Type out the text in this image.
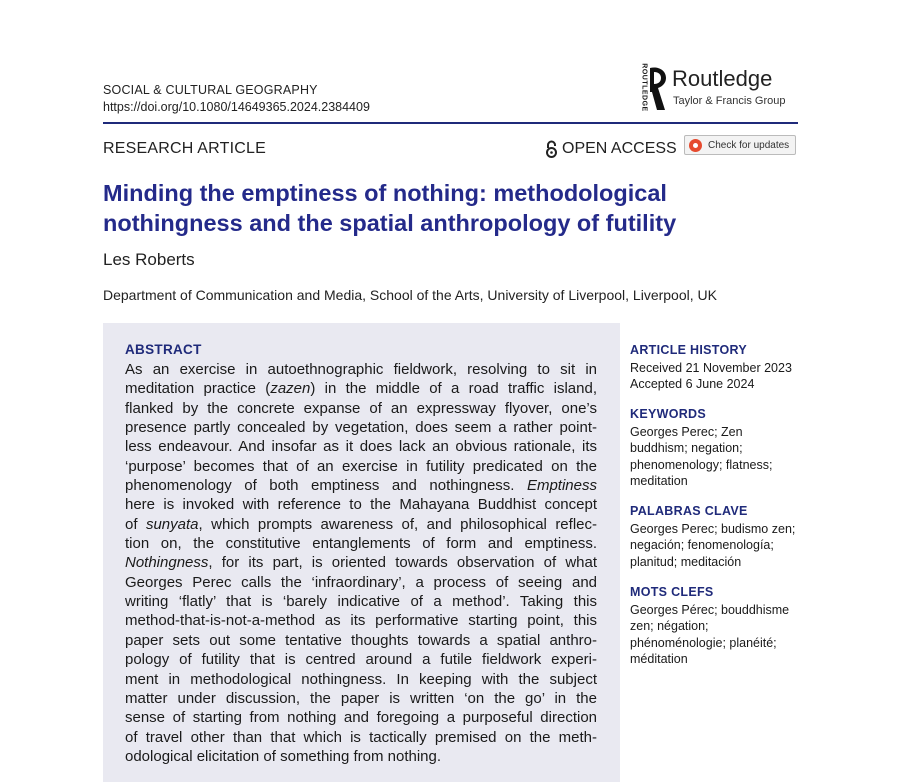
SOCIAL & CULTURAL GEOGRAPHY
https://doi.org/10.1080/14649365.2024.2384409	ROUTLEDGE Routledge
Taylor & Francis Group
RESEARCH ARTICLE	OPEN ACCESS	Check for updates
Minding the emptiness of nothing: methodological nothingness and the spatial anthropology of futility
Les Roberts
Department of Communication and Media, School of the Arts, University of Liverpool, Liverpool, UK
ABSTRACT
As an exercise in autoethnographic fieldwork, resolving to sit in
meditation practice (zazen) in the middle of a road traffic island,
flanked by the concrete expanse of an expressway flyover, one’s
presence partly concealed by vegetation, does seem a rather point-
less endeavour. And insofar as it does lack an obvious rationale, its
‘purpose’ becomes that of an exercise in futility predicated on the
phenomenology of both emptiness and nothingness. Emptiness
here is invoked with reference to the Mahayana Buddhist concept
of sunyata, which prompts awareness of, and philosophical reflec-
tion on, the constitutive entanglements of form and emptiness.
Nothingness, for its part, is oriented towards observation of what
Georges Perec calls the ‘infraordinary’, a process of seeing and
writing ‘flatly’ that is ‘barely indicative of a method’. Taking this
method-that-is-not-a-method as its performative starting point, this
paper sets out some tentative thoughts towards a spatial anthro-
pology of futility that is centred around a futile fieldwork experi-
ment in methodological nothingness. In keeping with the subject
matter under discussion, the paper is written ‘on the go’ in the
sense of starting from nothing and foregoing a purposeful direction
of travel other than that which is tactically premised on the meth-
odological elicitation of something from nothing.
ARTICLE HISTORY
Received 21 November 2023
Accepted 6 June 2024
KEYWORDS
Georges Perec; Zen
buddhism; negation;
phenomenology; flatness;
meditation
PALABRAS CLAVE
Georges Perec; budismo zen;
negación; fenomenología;
planitud; meditación
MOTS CLEFS
Georges Pérec; bouddhisme
zen; négation;
phénoménologie; planéité;
méditation
